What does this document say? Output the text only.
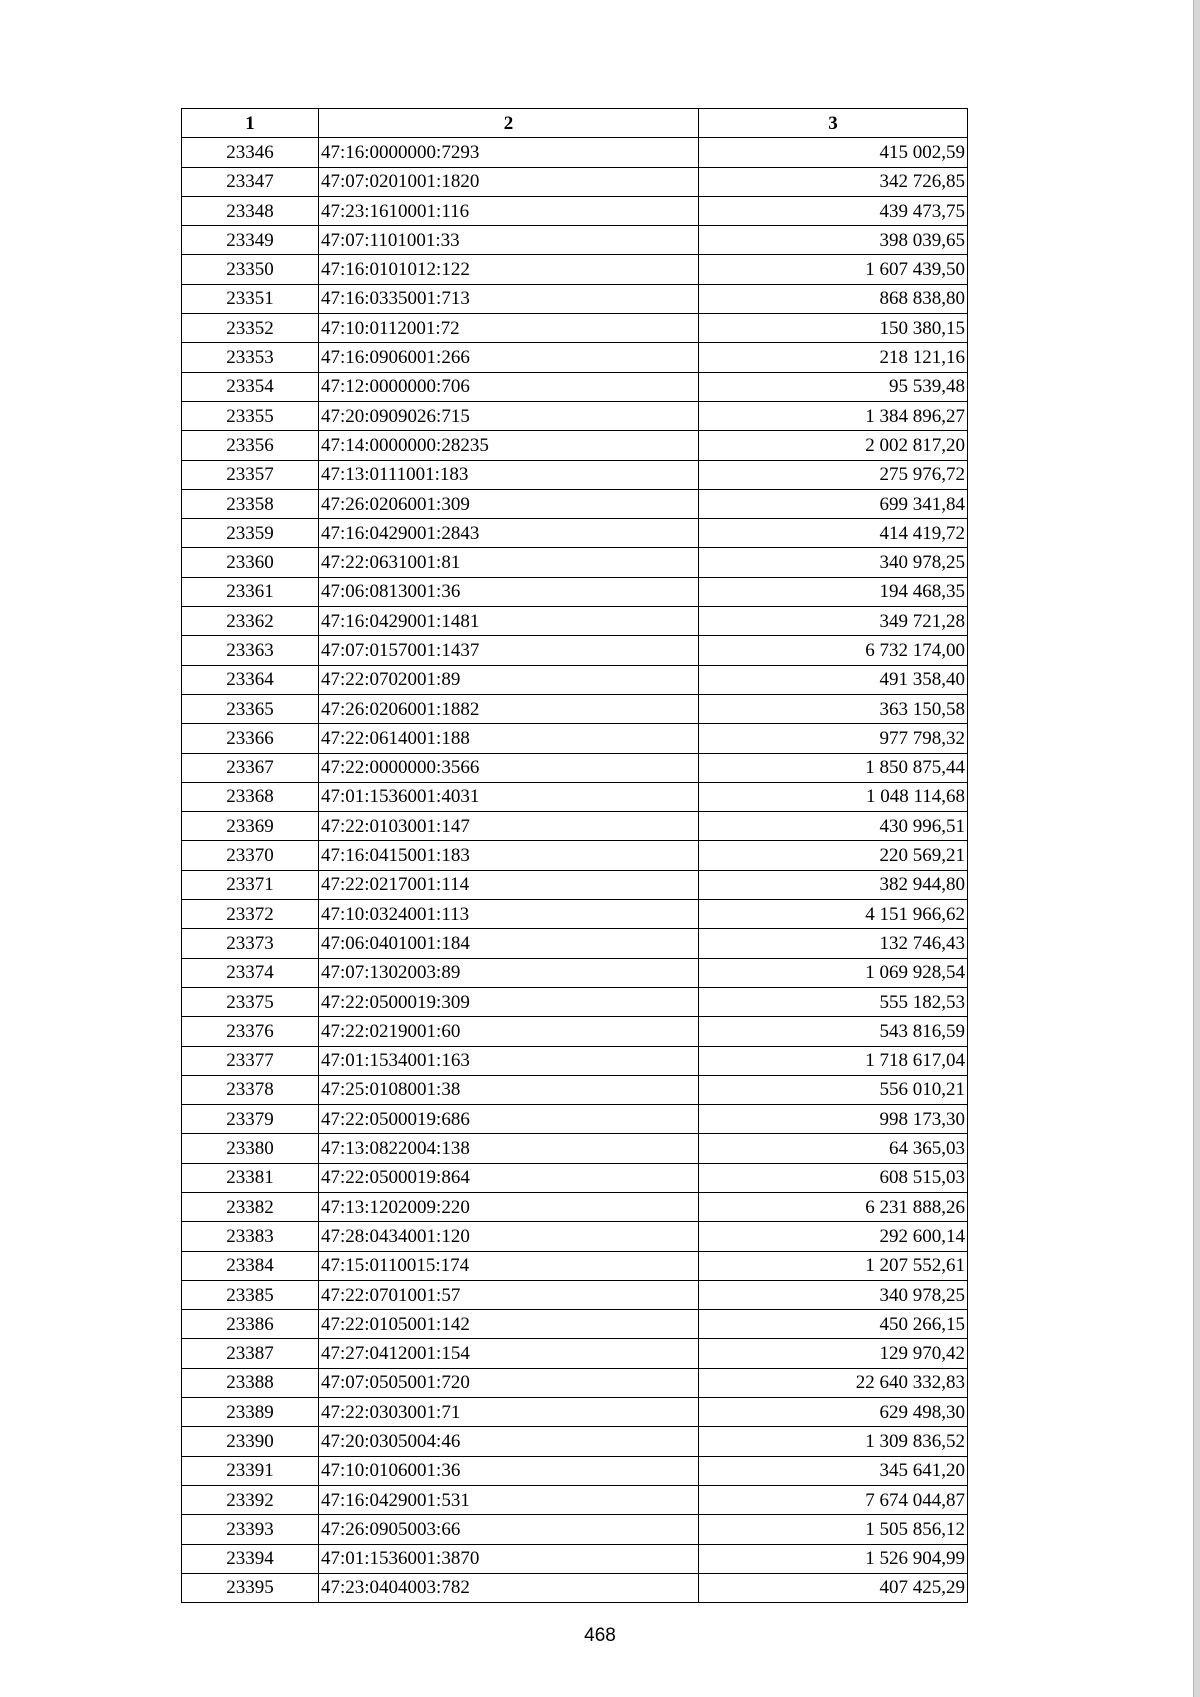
1	2	3
23346	47:16:0000000:7293	415 002,59
23347	47:07:0201001:1820	342 726,85
23348	47:23:1610001:116	439 473,75
23349	47:07:1101001:33	398 039,65
23350	47:16:0101012:122	1 607 439,50
23351	47:16:0335001:713	868 838,80
23352	47:10:0112001:72	150 380,15
23353	47:16:0906001:266	218 121,16
23354	47:12:0000000:706	95 539,48
23355	47:20:0909026:715	1 384 896,27
23356	47:14:0000000:28235	2 002 817,20
23357	47:13:0111001:183	275 976,72
23358	47:26:0206001:309	699 341,84
23359	47:16:0429001:2843	414 419,72
23360	47:22:0631001:81	340 978,25
23361	47:06:0813001:36	194 468,35
23362	47:16:0429001:1481	349 721,28
23363	47:07:0157001:1437	6 732 174,00
23364	47:22:0702001:89	491 358,40
23365	47:26:0206001:1882	363 150,58
23366	47:22:0614001:188	977 798,32
23367	47:22:0000000:3566	1 850 875,44
23368	47:01:1536001:4031	1 048 114,68
23369	47:22:0103001:147	430 996,51
23370	47:16:0415001:183	220 569,21
23371	47:22:0217001:114	382 944,80
23372	47:10:0324001:113	4 151 966,62
23373	47:06:0401001:184	132 746,43
23374	47:07:1302003:89	1 069 928,54
23375	47:22:0500019:309	555 182,53
23376	47:22:0219001:60	543 816,59
23377	47:01:1534001:163	1 718 617,04
23378	47:25:0108001:38	556 010,21
23379	47:22:0500019:686	998 173,30
23380	47:13:0822004:138	64 365,03
23381	47:22:0500019:864	608 515,03
23382	47:13:1202009:220	6 231 888,26
23383	47:28:0434001:120	292 600,14
23384	47:15:0110015:174	1 207 552,61
23385	47:22:0701001:57	340 978,25
23386	47:22:0105001:142	450 266,15
23387	47:27:0412001:154	129 970,42
23388	47:07:0505001:720	22 640 332,83
23389	47:22:0303001:71	629 498,30
23390	47:20:0305004:46	1 309 836,52
23391	47:10:0106001:36	345 641,20
23392	47:16:0429001:531	7 674 044,87
23393	47:26:0905003:66	1 505 856,12
23394	47:01:1536001:3870	1 526 904,99
23395	47:23:0404003:782	407 425,29
468
